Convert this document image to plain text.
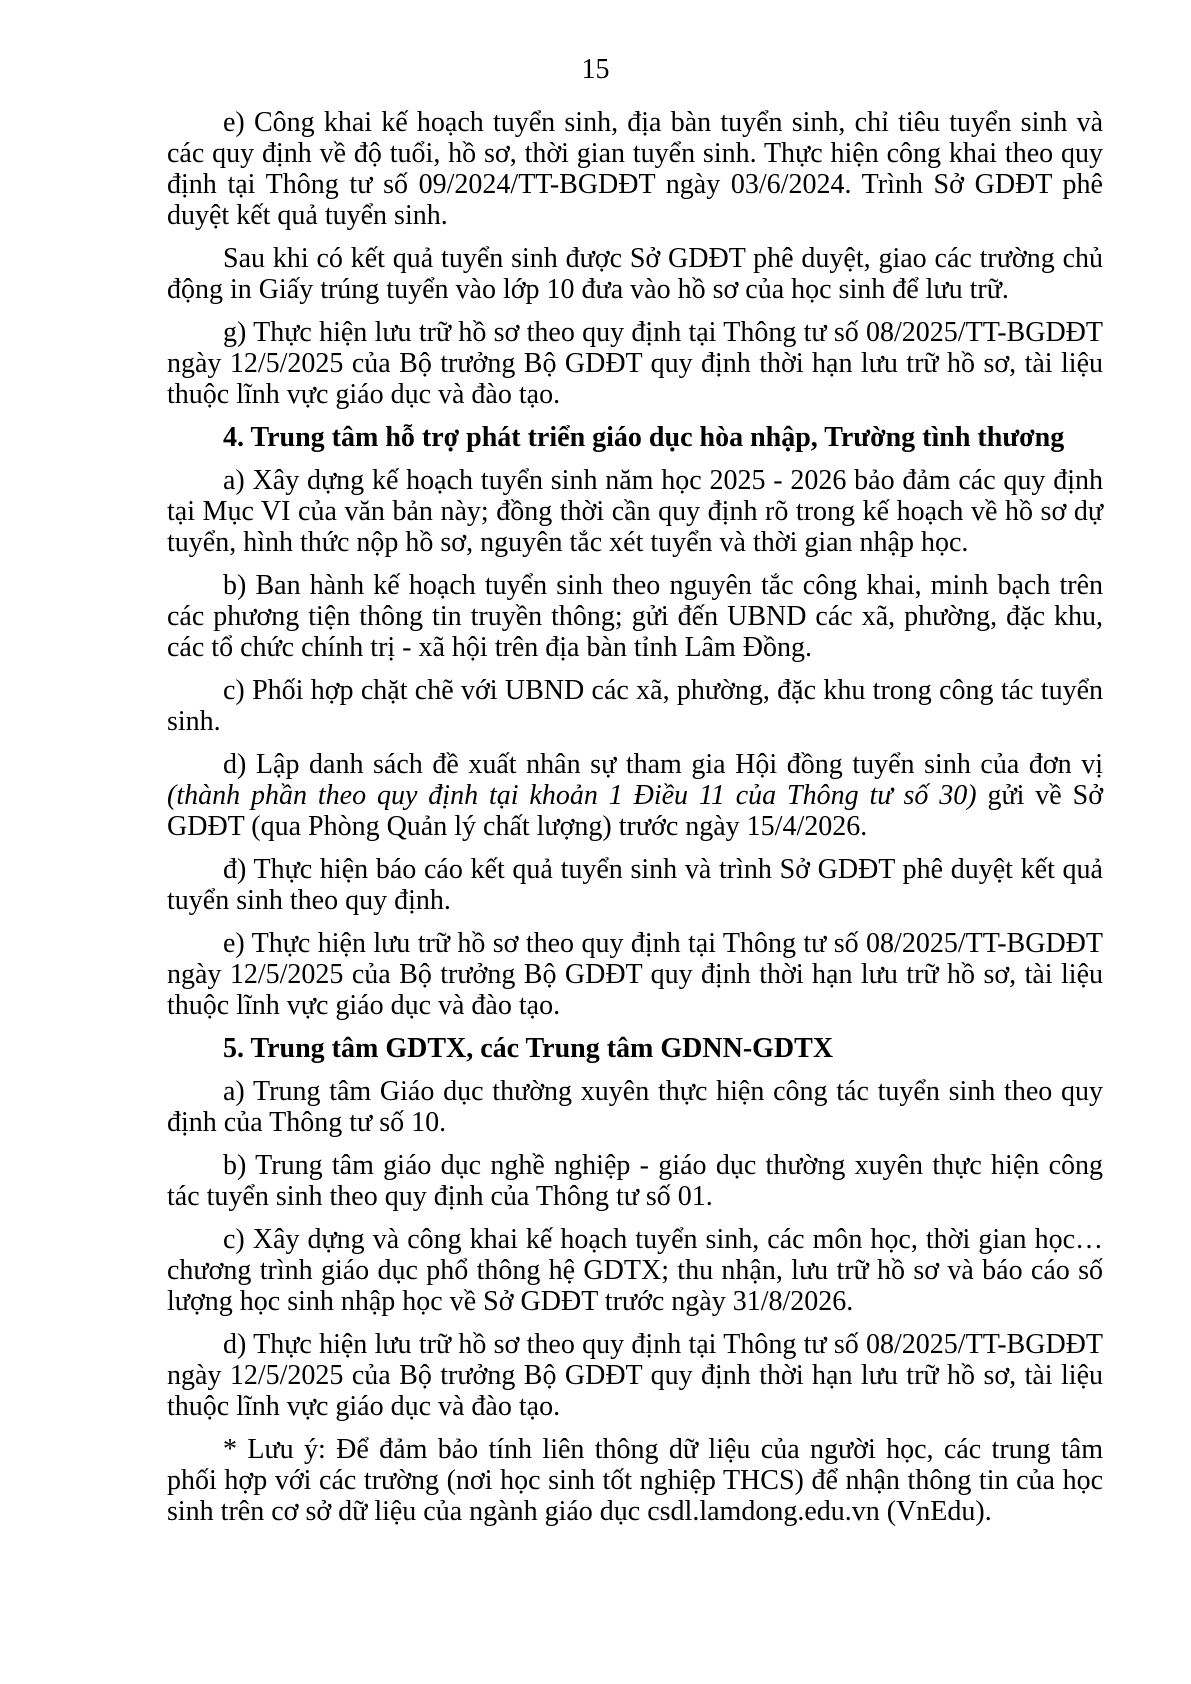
15

e) Công khai kế hoạch tuyển sinh, địa bàn tuyển sinh, chỉ tiêu tuyển sinh và các quy định về độ tuổi, hồ sơ, thời gian tuyển sinh. Thực hiện công khai theo quy định tại Thông tư số 09/2024/TT-BGDĐT ngày 03/6/2024. Trình Sở GDĐT phê duyệt kết quả tuyển sinh.

Sau khi có kết quả tuyển sinh được Sở GDĐT phê duyệt, giao các trường chủ động in Giấy trúng tuyển vào lớp 10 đưa vào hồ sơ của học sinh để lưu trữ.

g) Thực hiện lưu trữ hồ sơ theo quy định tại Thông tư số 08/2025/TT-BGDĐT ngày 12/5/2025 của Bộ trưởng Bộ GDĐT quy định thời hạn lưu trữ hồ sơ, tài liệu thuộc lĩnh vực giáo dục và đào tạo.

4. Trung tâm hỗ trợ phát triển giáo dục hòa nhập, Trường tình thương

a) Xây dựng kế hoạch tuyển sinh năm học 2025 - 2026 bảo đảm các quy định tại Mục VI của văn bản này; đồng thời cần quy định rõ trong kế hoạch về hồ sơ dự tuyển, hình thức nộp hồ sơ, nguyên tắc xét tuyển và thời gian nhập học.

b) Ban hành kế hoạch tuyển sinh theo nguyên tắc công khai, minh bạch trên các phương tiện thông tin truyền thông; gửi đến UBND các xã, phường, đặc khu, các tổ chức chính trị - xã hội trên địa bàn tỉnh Lâm Đồng.

c) Phối hợp chặt chẽ với UBND các xã, phường, đặc khu trong công tác tuyển sinh.

d) Lập danh sách đề xuất nhân sự tham gia Hội đồng tuyển sinh của đơn vị (thành phần theo quy định tại khoản 1 Điều 11 của Thông tư số 30) gửi về Sở GDĐT (qua Phòng Quản lý chất lượng) trước ngày 15/4/2026.

đ) Thực hiện báo cáo kết quả tuyển sinh và trình Sở GDĐT phê duyệt kết quả tuyển sinh theo quy định.

e) Thực hiện lưu trữ hồ sơ theo quy định tại Thông tư số 08/2025/TT-BGDĐT ngày 12/5/2025 của Bộ trưởng Bộ GDĐT quy định thời hạn lưu trữ hồ sơ, tài liệu thuộc lĩnh vực giáo dục và đào tạo.

5. Trung tâm GDTX, các Trung tâm GDNN-GDTX

a) Trung tâm Giáo dục thường xuyên thực hiện công tác tuyển sinh theo quy định của Thông tư số 10.

b) Trung tâm giáo dục nghề nghiệp - giáo dục thường xuyên thực hiện công tác tuyển sinh theo quy định của Thông tư số 01.

c) Xây dựng và công khai kế hoạch tuyển sinh, các môn học, thời gian học…chương trình giáo dục phổ thông hệ GDTX; thu nhận, lưu trữ hồ sơ và báo cáo số lượng học sinh nhập học về Sở GDĐT trước ngày 31/8/2026.

d) Thực hiện lưu trữ hồ sơ theo quy định tại Thông tư số 08/2025/TT-BGDĐT ngày 12/5/2025 của Bộ trưởng Bộ GDĐT quy định thời hạn lưu trữ hồ sơ, tài liệu thuộc lĩnh vực giáo dục và đào tạo.

* Lưu ý: Để đảm bảo tính liên thông dữ liệu của người học, các trung tâm phối hợp với các trường (nơi học sinh tốt nghiệp THCS) để nhận thông tin của học sinh trên cơ sở dữ liệu của ngành giáo dục csdl.lamdong.edu.vn (VnEdu).
